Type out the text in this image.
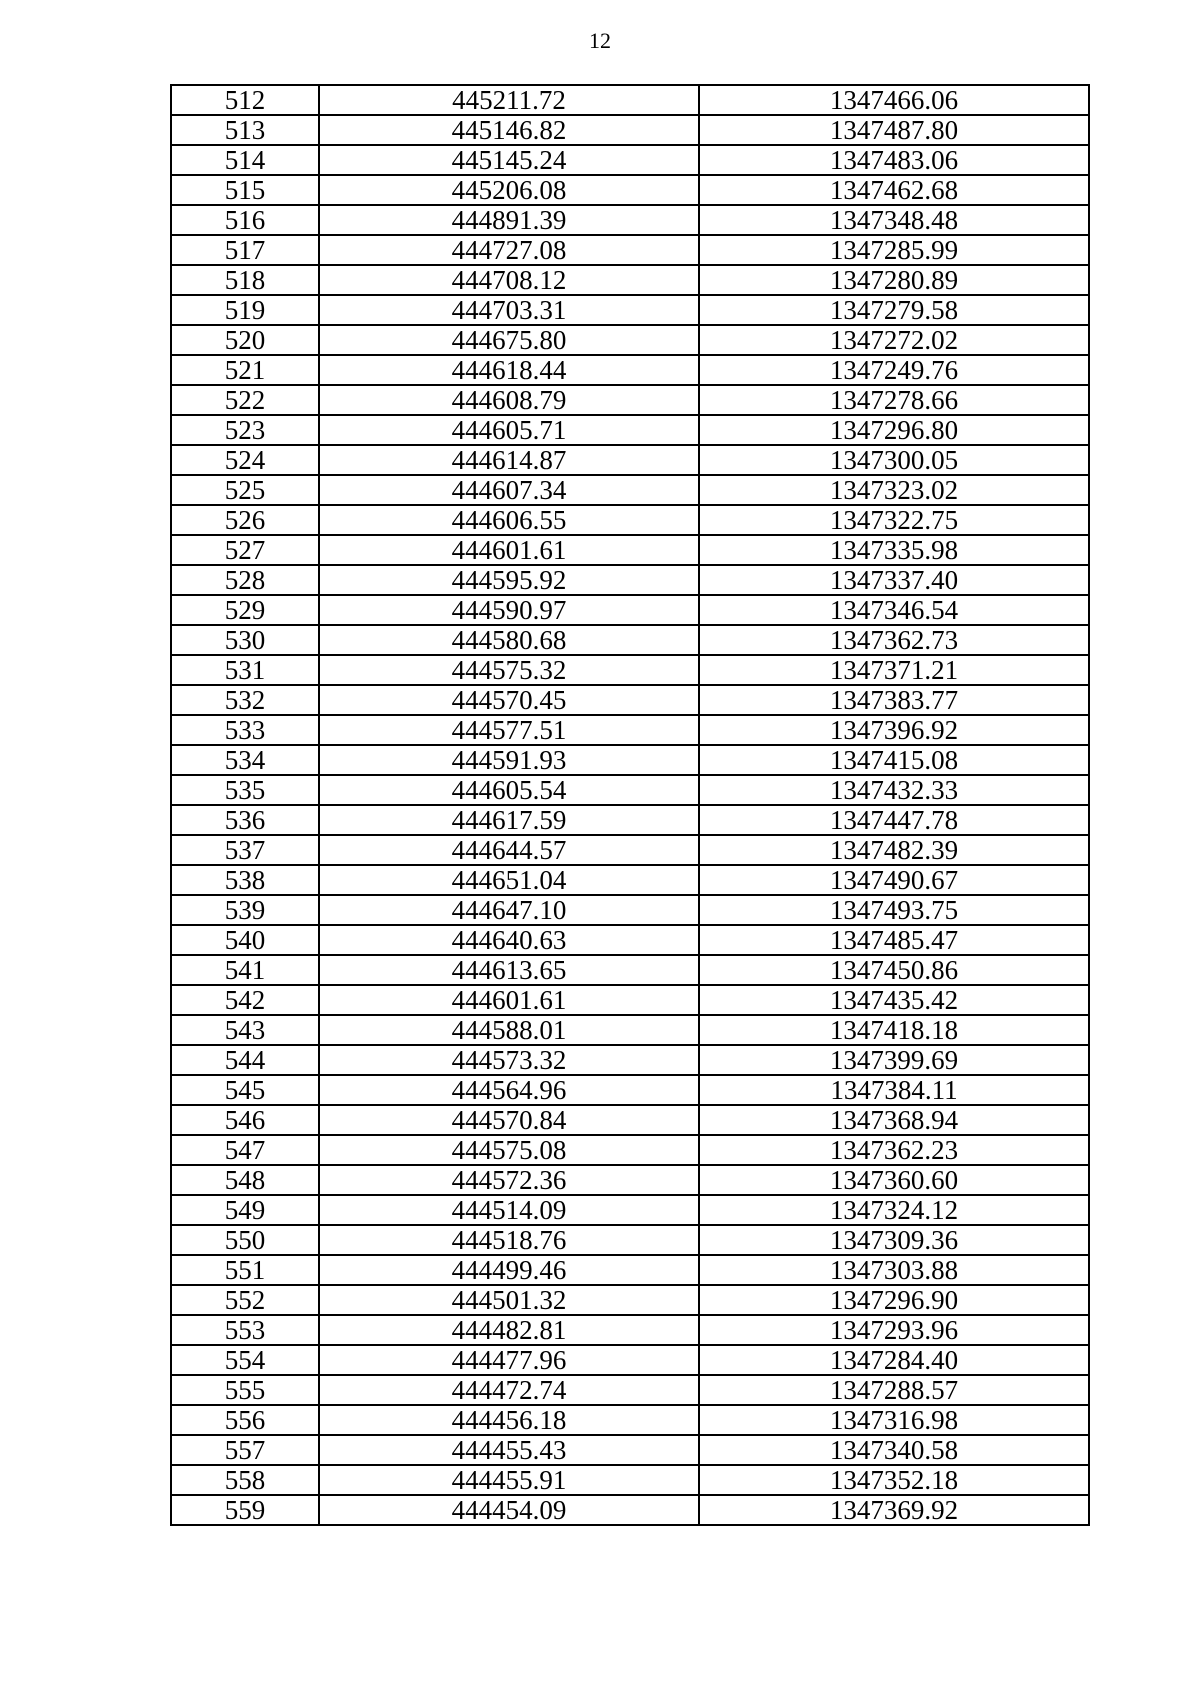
12
512	445211.72	1347466.06
513	445146.82	1347487.80
514	445145.24	1347483.06
515	445206.08	1347462.68
516	444891.39	1347348.48
517	444727.08	1347285.99
518	444708.12	1347280.89
519	444703.31	1347279.58
520	444675.80	1347272.02
521	444618.44	1347249.76
522	444608.79	1347278.66
523	444605.71	1347296.80
524	444614.87	1347300.05
525	444607.34	1347323.02
526	444606.55	1347322.75
527	444601.61	1347335.98
528	444595.92	1347337.40
529	444590.97	1347346.54
530	444580.68	1347362.73
531	444575.32	1347371.21
532	444570.45	1347383.77
533	444577.51	1347396.92
534	444591.93	1347415.08
535	444605.54	1347432.33
536	444617.59	1347447.78
537	444644.57	1347482.39
538	444651.04	1347490.67
539	444647.10	1347493.75
540	444640.63	1347485.47
541	444613.65	1347450.86
542	444601.61	1347435.42
543	444588.01	1347418.18
544	444573.32	1347399.69
545	444564.96	1347384.11
546	444570.84	1347368.94
547	444575.08	1347362.23
548	444572.36	1347360.60
549	444514.09	1347324.12
550	444518.76	1347309.36
551	444499.46	1347303.88
552	444501.32	1347296.90
553	444482.81	1347293.96
554	444477.96	1347284.40
555	444472.74	1347288.57
556	444456.18	1347316.98
557	444455.43	1347340.58
558	444455.91	1347352.18
559	444454.09	1347369.92
